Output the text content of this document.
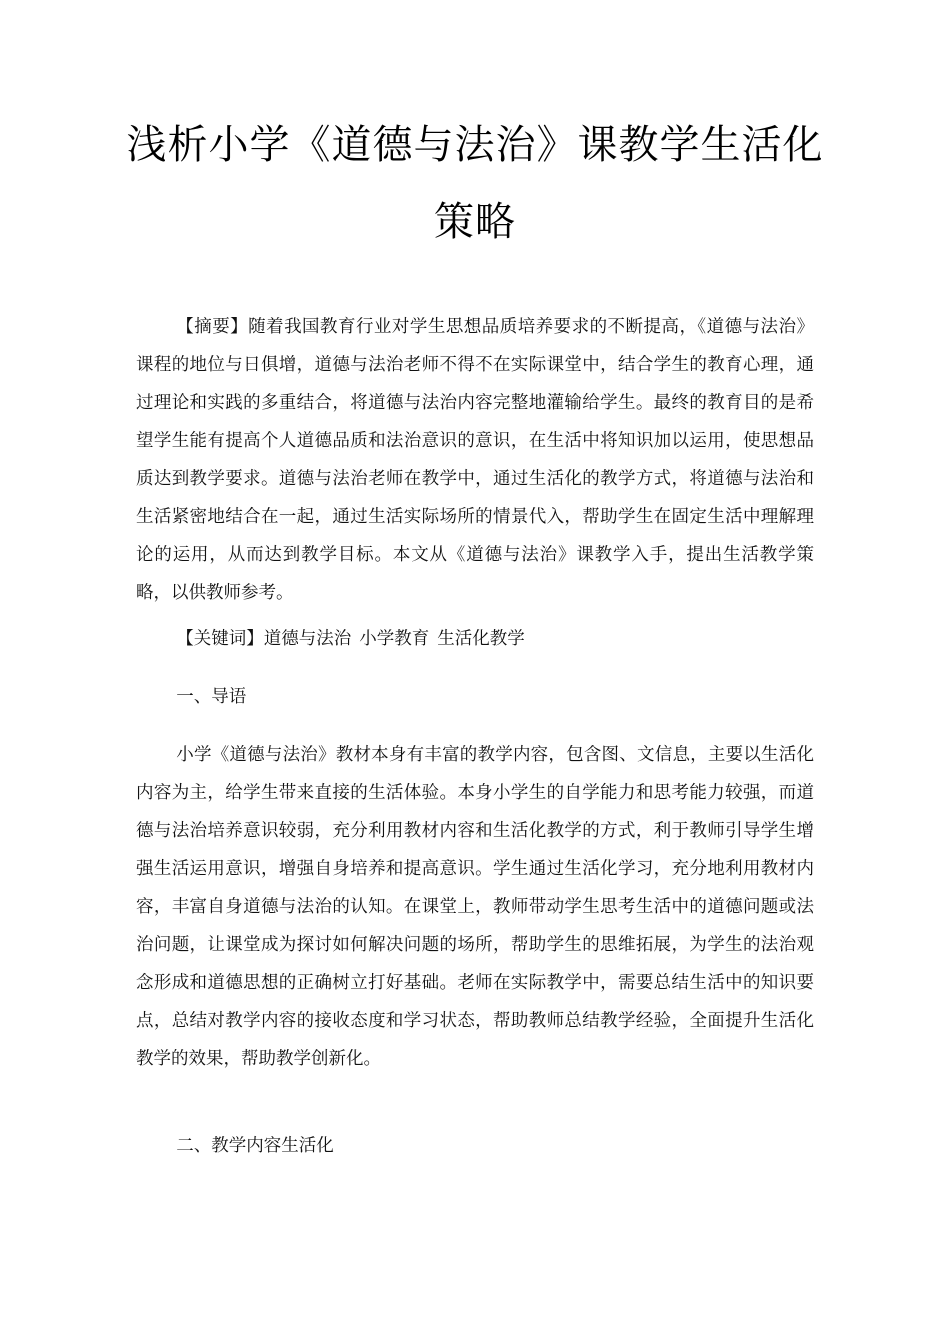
浅析小学《道德与法治》课教学生活化
策略

【摘要】随着我国教育行业对学生思想品质培养要求的不断提高，《道德与法治》课程的地位与日俱增，道德与法治老师不得不在实际课堂中，结合学生的教育心理，通过理论和实践的多重结合，将道德与法治内容完整地灌输给学生。最终的教育目的是希望学生能有提高个人道德品质和法治意识的意识，在生活中将知识加以运用，使思想品质达到教学要求。道德与法治老师在教学中，通过生活化的教学方式，将道德与法治和生活紧密地结合在一起，通过生活实际场所的情景代入，帮助学生在固定生活中理解理论的运用，从而达到教学目标。本文从《道德与法治》课教学入手，提出生活教学策略，以供教师参考。

【关键词】道德与法治 小学教育 生活化教学
一、导语

小学《道德与法治》教材本身有丰富的教学内容，包含图、文信息，主要以生活化内容为主，给学生带来直接的生活体验。本身小学生的自学能力和思考能力较强，而道德与法治培养意识较弱，充分利用教材内容和生活化教学的方式，利于教师引导学生增强生活运用意识，增强自身培养和提高意识。学生通过生活化学习，充分地利用教材内容，丰富自身道德与法治的认知。在课堂上，教师带动学生思考生活中的道德问题或法治问题，让课堂成为探讨如何解决问题的场所，帮助学生的思维拓展，为学生的法治观念形成和道德思想的正确树立打好基础。老师在实际教学中，需要总结生活中的知识要点，总结对教学内容的接收态度和学习状态，帮助教师总结教学经验，全面提升生活化教学的效果，帮助教学创新化。

二、教学内容生活化
